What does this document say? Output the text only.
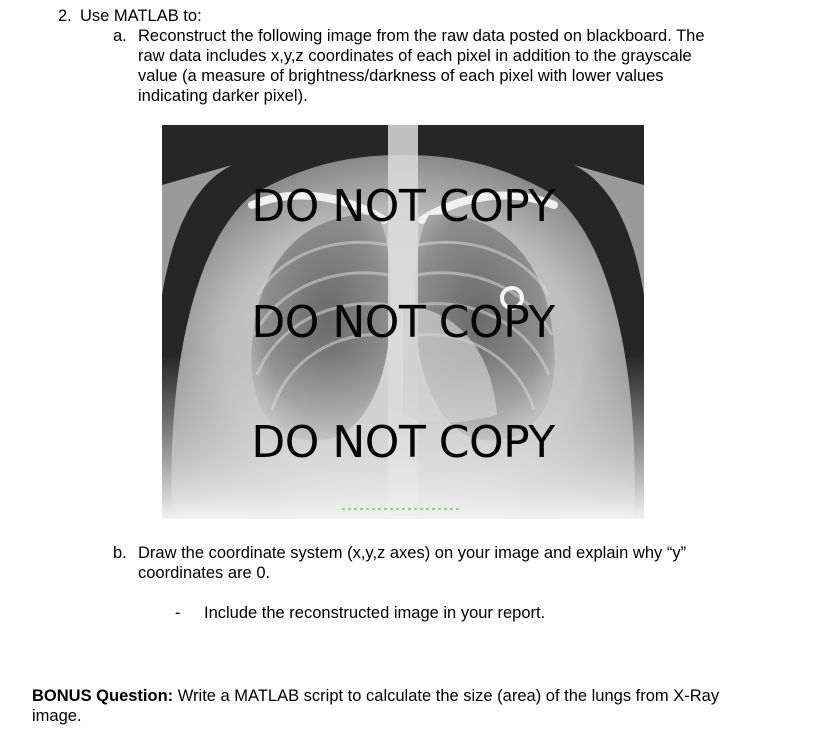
2. Use MATLAB to:
a. Reconstruct the following image from the raw data posted on blackboard. The
raw data includes x,y,z coordinates of each pixel in addition to the grayscale
value (a measure of brightness/darkness of each pixel with lower values
indicating darker pixel).
DO NOT COPY
DO NOT COPY
DO NOT COPY
b. Draw the coordinate system (x,y,z axes) on your image and explain why “y”
coordinates are 0.
- Include the reconstructed image in your report.
BONUS Question: Write a MATLAB script to calculate the size (area) of the lungs from X-Ray
image.
